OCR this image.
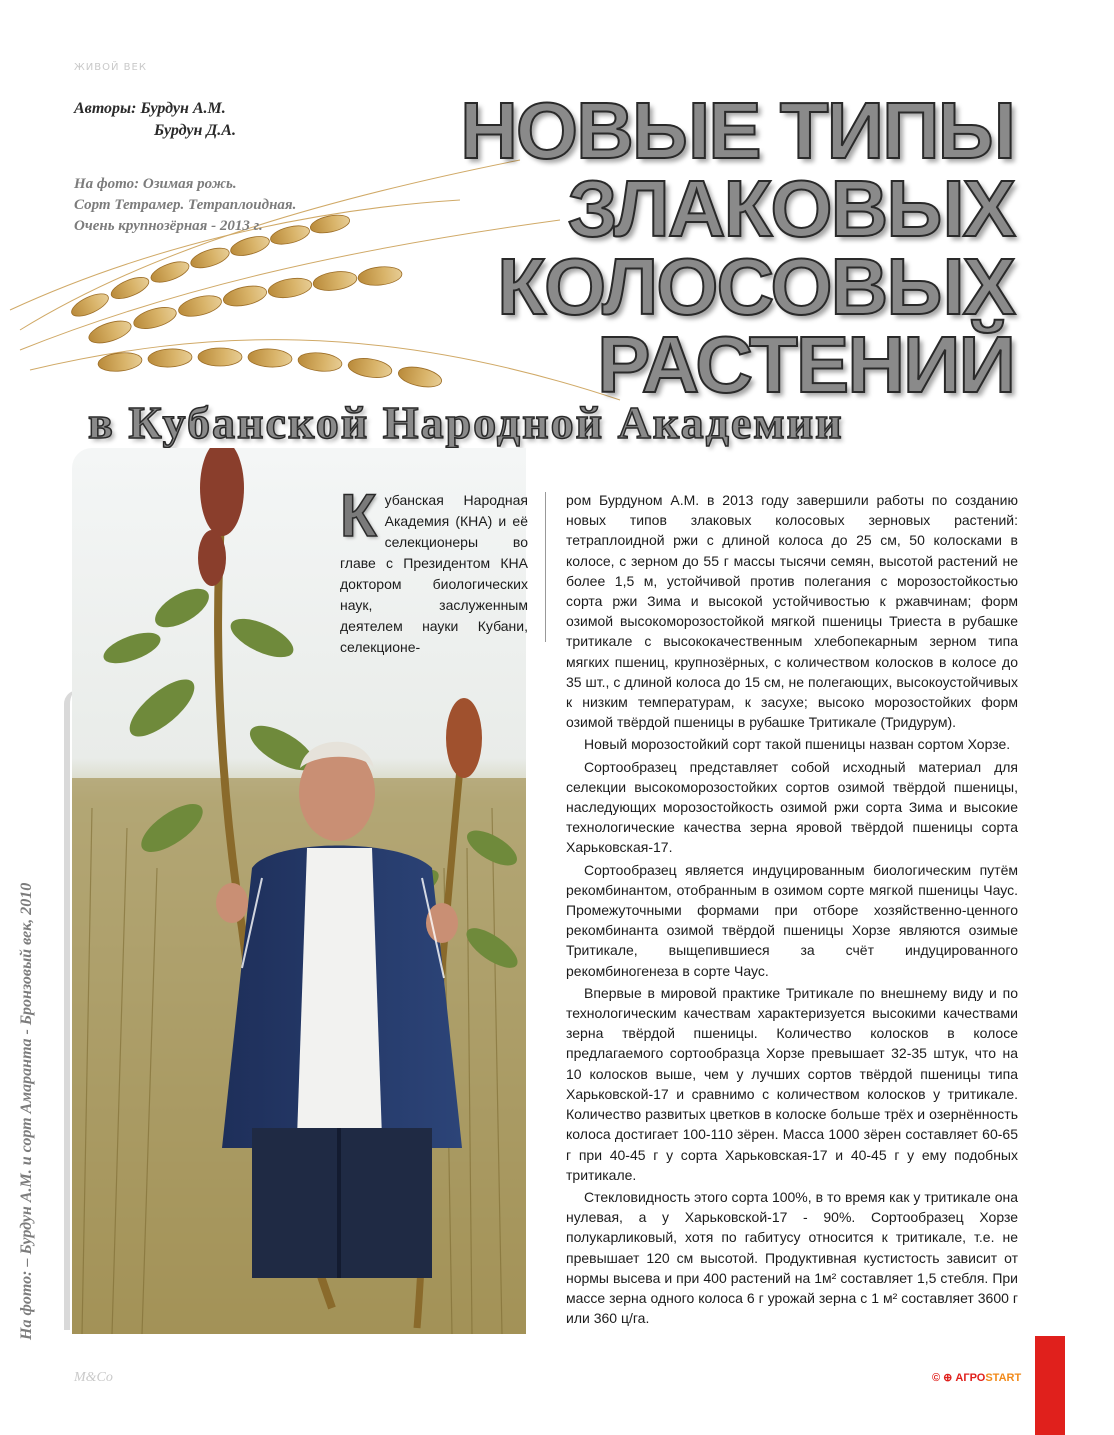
ЖИВОЙ ВЕК
Авторы: Бурдун А.М.
Бурдун Д.А.
На фото: Озимая рожь.
Сорт Тетрамер. Тетраплоидная.
Очень крупнозёрная - 2013 г.
НОВЫЕ ТИПЫ
ЗЛАКОВЫХ
КОЛОСОВЫХ
РАСТЕНИЙ
в Кубанской Народной Академии
На фото: – Бурдун А.М. и сорт Амаранта - Бронзовый век, 2010
К убанская Народная Академия (КНА) и её селекционеры во главе с Президентом КНА доктором биологических наук, заслуженным деятелем науки Кубани, селекционе-

ром Бурдуном А.М. в 2013 году завершили работы по созданию новых типов злаковых колосовых зерновых растений: тетраплоидной ржи с длиной колоса до 25 см, 50 колосками в колосе, с зерном до 55 г массы тысячи семян, высотой растений не более 1,5 м, устойчивой против полегания с морозостойкостью сорта ржи Зима и высокой устойчивостью к ржавчинам; форм озимой высокоморозостойкой мягкой пшеницы Триеста в рубашке тритикале с высококачественным хлебопекарным зерном типа мягких пшениц, крупнозёрных, с количеством колосков в колосе до 35 шт., с длиной колоса до 15 см, не полегающих, высокоустойчивых к низким температурам, к засухе; высоко морозостойких форм озимой твёрдой пшеницы в рубашке Тритикале (Тридурум).

Новый морозостойкий сорт такой пшеницы назван сортом Хорзе.

Сортообразец представляет собой исходный материал для селекции высокоморозостойких сортов озимой твёрдой пшеницы, наследующих морозостойкость озимой ржи сорта Зима и высокие технологические качества зерна яровой твёрдой пшеницы сорта Харьковская-17.

Сортообразец является индуцированным биологическим путём рекомбинантом, отобранным в озимом сорте мягкой пшеницы Чаус. Промежуточными формами при отборе хозяйственно-ценного рекомбинанта озимой твёрдой пшеницы Хорзе являются озимые Тритикале, выщепившиеся за счёт индуцированного рекомбиногенеза в сорте Чаус.

Впервые в мировой практике Тритикале по внешнему виду и по технологическим качествам характеризуется высокими качествами зерна твёрдой пшеницы. Количество колосков в колосе предлагаемого сортообразца Хорзе превышает 32-35 штук, что на 10 колосков выше, чем у лучших сортов твёрдой пшеницы типа Харьковской-17 и сравнимо с количеством колосков у тритикале. Количество развитых цветков в колоске больше трёх и озернённость колоса достигает 100-110 зёрен. Масса 1000 зёрен составляет 60-65 г при 40-45 г у сорта Харьковская-17 и 40-45 г у ему подобных тритикале.

Стекловидность этого сорта 100%, в то время как у тритикале она нулевая, а у Харьковской-17 - 90%. Сортообразец Хорзе полукарликовый, хотя по габитусу относится к тритикале, т.е. не превышает 120 см высотой. Продуктивная кустистость зависит от нормы высева и при 400 растений на 1м² составляет 1,5 стебля. При массе зерна одного колоса 6 г урожай зерна с 1 м² составляет 3600 г или 360 ц/га.

M&Co	© ⊕ АГРОSTART
